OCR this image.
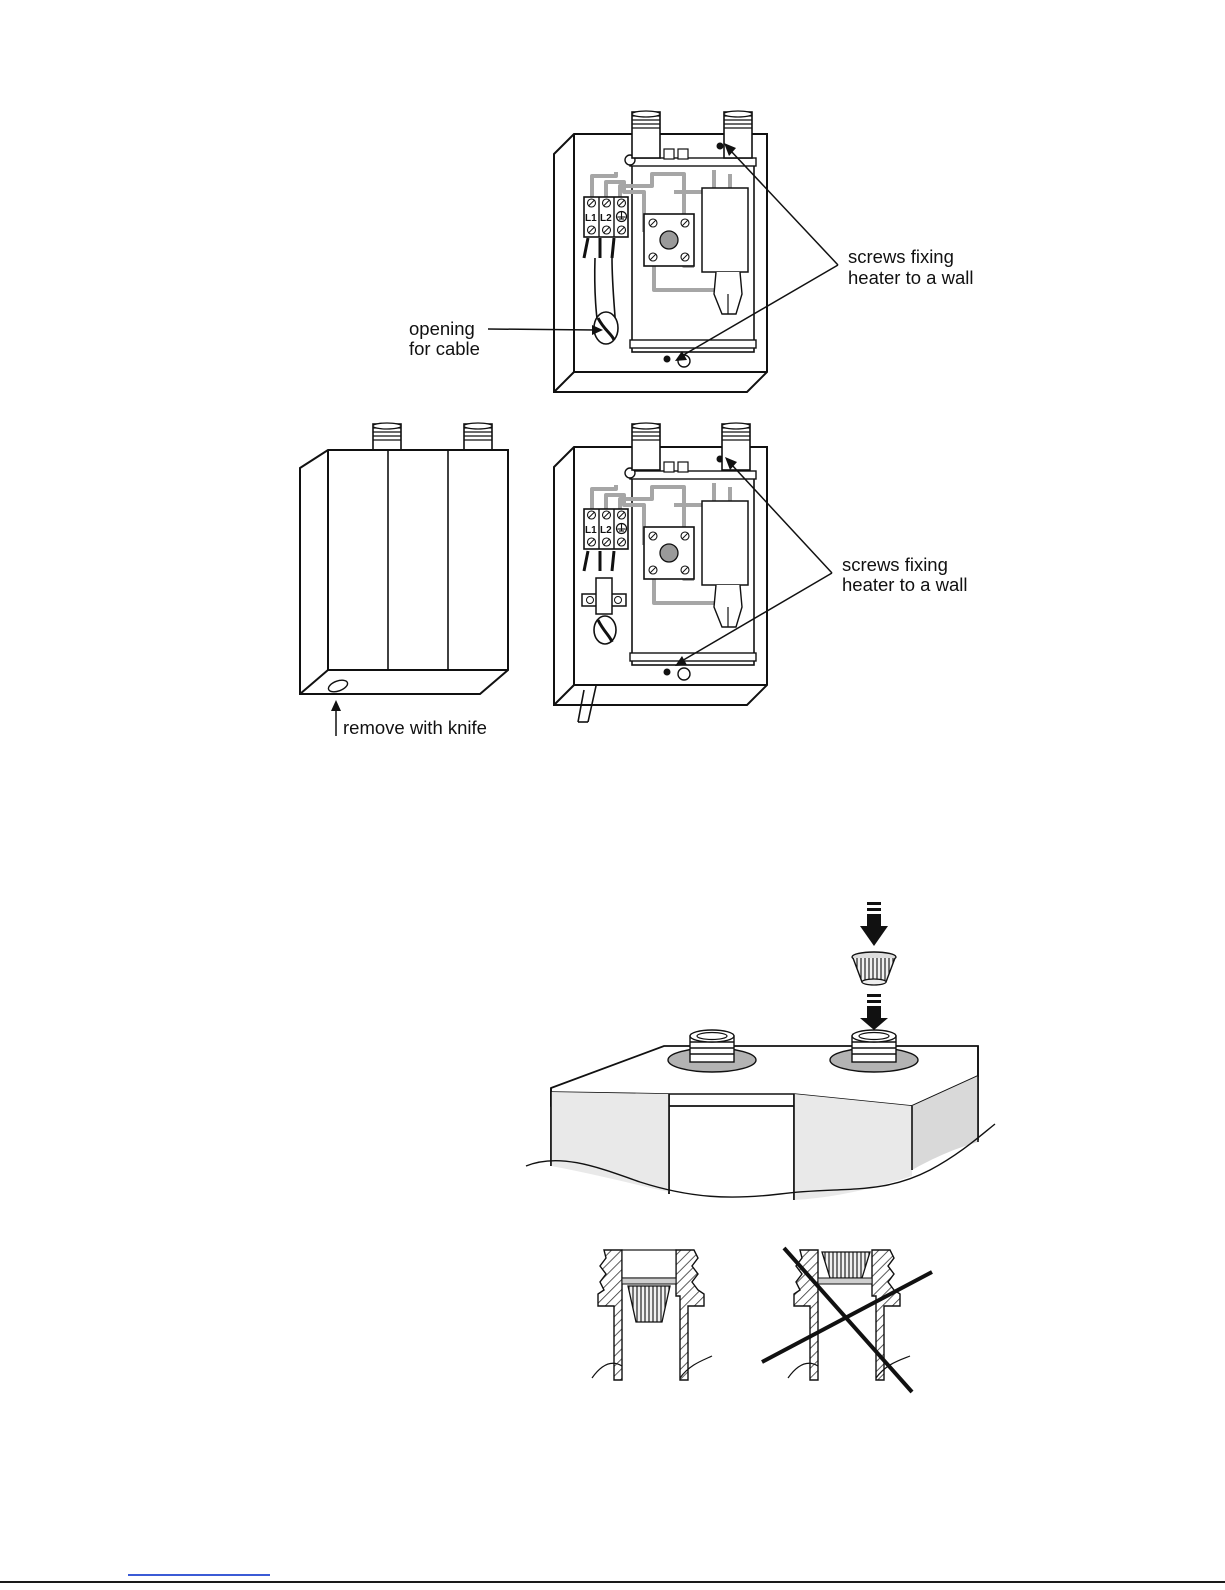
L1 L2
screws fixing
heater to a wall
opening
for cable
remove with knife
L1 L2
screws fixing
heater to a wall
